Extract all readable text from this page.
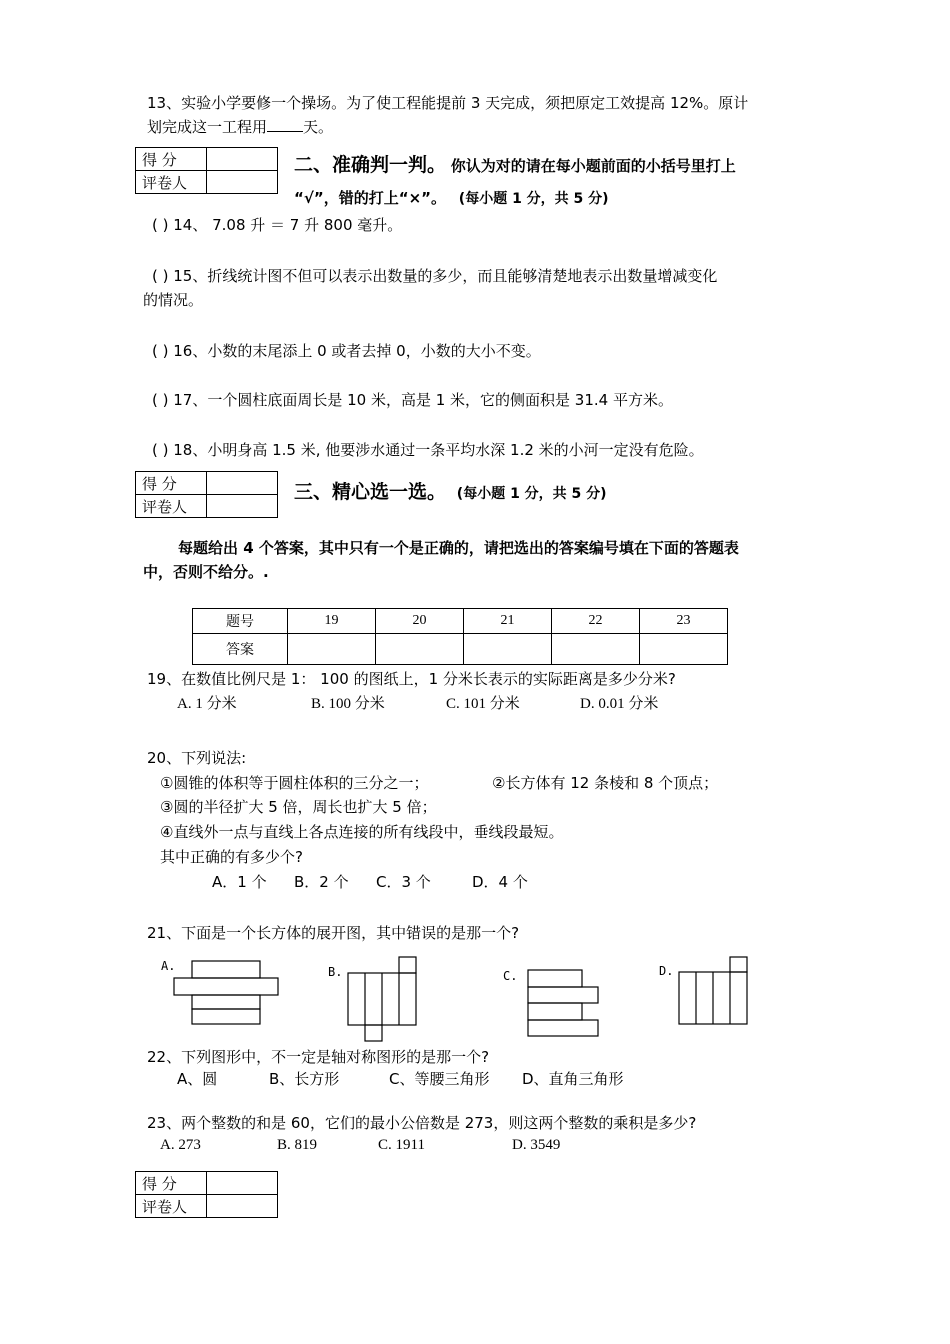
13、实验小学要修一个操场。为了使工程能提前 3 天完成，须把原定工效提高 12%。原计
划完成这一工程用 天。
得 分	
评卷人	
二、准确判一判。 你认为对的请在每小题前面的小括号里打上
“√”，错的打上“×”。 (每小题 1 分，共 5 分)
( ) 14、 7.08 升 ＝ 7 升 800 毫升。
( ) 15、折线统计图不但可以表示出数量的多少，而且能够清楚地表示出数量增减变化
的情况。
( ) 16、小数的末尾添上 0 或者去掉 0，小数的大小不变。
( ) 17、一个圆柱底面周长是 10 米，高是 1 米，它的侧面积是 31.4 平方米。
( ) 18、小明身高 1.5 米, 他要涉水通过一条平均水深 1.2 米的小河一定没有危险。
得 分	
评卷人	
三、精心选一选。 (每小题 1 分，共 5 分)
每题给出 4 个答案，其中只有一个是正确的，请把选出的答案编号填在下面的答题表
中，否则不给分。.
题号	19	20	21	22	23
答案					
19、在数值比例尺是 1： 100 的图纸上，1 分米长表示的实际距离是多少分米?
A. 1 分米	B. 100 分米	C. 101 分米	D. 0.01 分米
20、下列说法:
①圆锥的体积等于圆柱体积的三分之一；	②长方体有 12 条棱和 8 个顶点；
③圆的半径扩大 5 倍，周长也扩大 5 倍；
④直线外一点与直线上各点连接的所有线段中，垂线段最短。
其中正确的有多少个?
A．1 个 B．2 个 C．3 个	D．4 个
21、下面是一个长方体的展开图，其中错误的是那一个?
A.	B.	C.	D.
22、下列图形中，不一定是轴对称图形的是那一个?
A、圆	B、长方形	C、等腰三角形 D、直角三角形
23、两个整数的和是 60，它们的最小公倍数是 273，则这两个整数的乘积是多少?
A. 273	B. 819	C. 1911	D. 3549
得 分	
评卷人	
